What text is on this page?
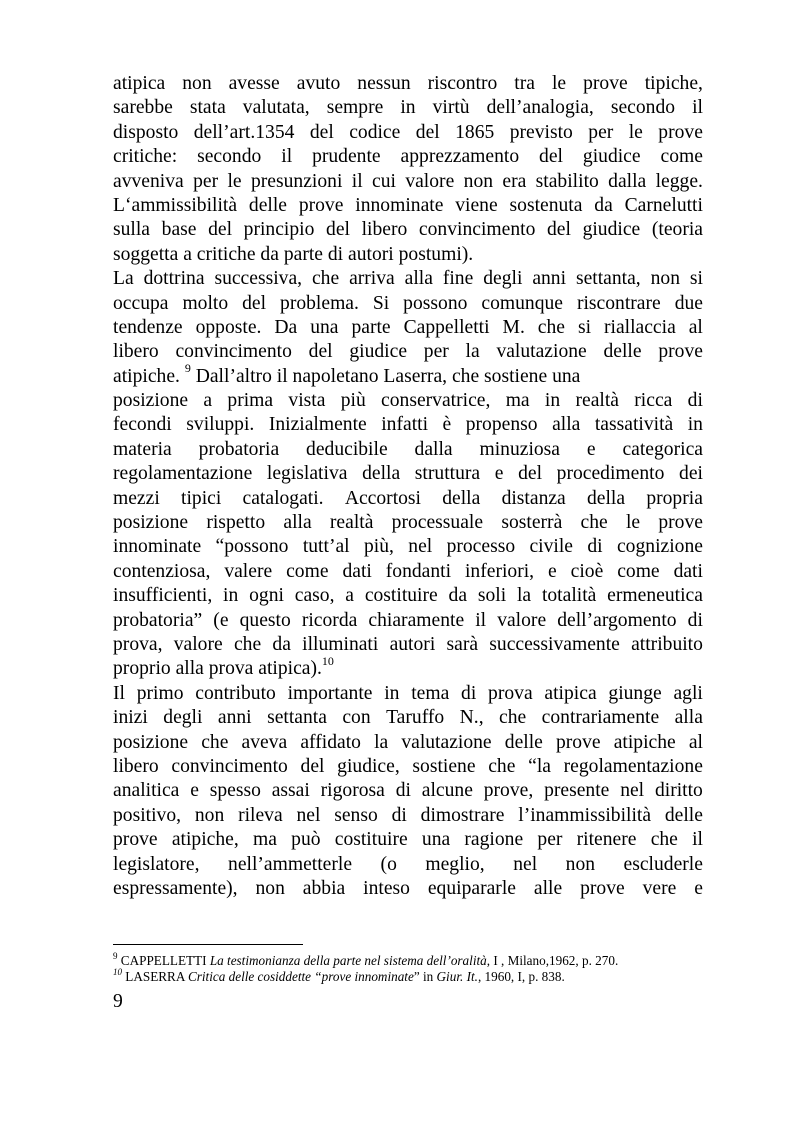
atipica non avesse avuto nessun riscontro tra le prove tipiche,
sarebbe stata valutata, sempre in virtù dell’analogia, secondo il
disposto dell’art.1354 del codice del 1865 previsto per le prove
critiche: secondo il prudente apprezzamento del giudice come
avveniva per le presunzioni il cui valore non era stabilito dalla legge.
L‘ammissibilità delle prove innominate viene sostenuta da Carnelutti
sulla base del principio del libero convincimento del giudice (teoria
soggetta a critiche da parte di autori postumi).
La dottrina successiva, che arriva alla fine degli anni settanta, non si
occupa molto del problema. Si possono comunque riscontrare due
tendenze opposte. Da una parte Cappelletti M. che si riallaccia al
libero convincimento del giudice per la valutazione delle prove
atipiche. $^9$ Dall’altro il napoletano Laserra, che sostiene una
posizione a prima vista più conservatrice, ma in realtà ricca di
fecondi sviluppi. Inizialmente infatti è propenso alla tassatività in
materia probatoria deducibile dalla minuziosa e categorica
regolamentazione legislativa della struttura e del procedimento dei
mezzi tipici catalogati. Accortosi della distanza della propria
posizione rispetto alla realtà processuale sosterrà che le prove
innominate “possono tutt’al più, nel processo civile di cognizione
contenziosa, valere come dati fondanti inferiori, e cioè come dati
insufficienti, in ogni caso, a costituire da soli la totalità ermeneutica
probatoria” (e questo ricorda chiaramente il valore dell’argomento di
prova, valore che da illuminati autori sarà successivamente attribuito
proprio alla prova atipica).$^{10}$
Il primo contributo importante in tema di prova atipica giunge agli
inizi degli anni settanta con Taruffo N., che contrariamente alla
posizione che aveva affidato la valutazione delle prove atipiche al
libero convincimento del giudice, sostiene che “la regolamentazione
analitica e spesso assai rigorosa di alcune prove, presente nel diritto
positivo, non rileva nel senso di dimostrare l’inammissibilità delle
prove atipiche, ma può costituire una ragione per ritenere che il
legislatore, nell’ammetterle (o meglio, nel non escluderle
espressamente), non abbia inteso equipararle alle prove vere e
$^9$ CAPPELLETTI La testimonianza della parte nel sistema dell’oralità, I , Milano,1962, p. 270.
$^{10}$ LASERRA Critica delle cosiddette “prove innominate” in Giur. It., 1960, I, p. 838.
9
